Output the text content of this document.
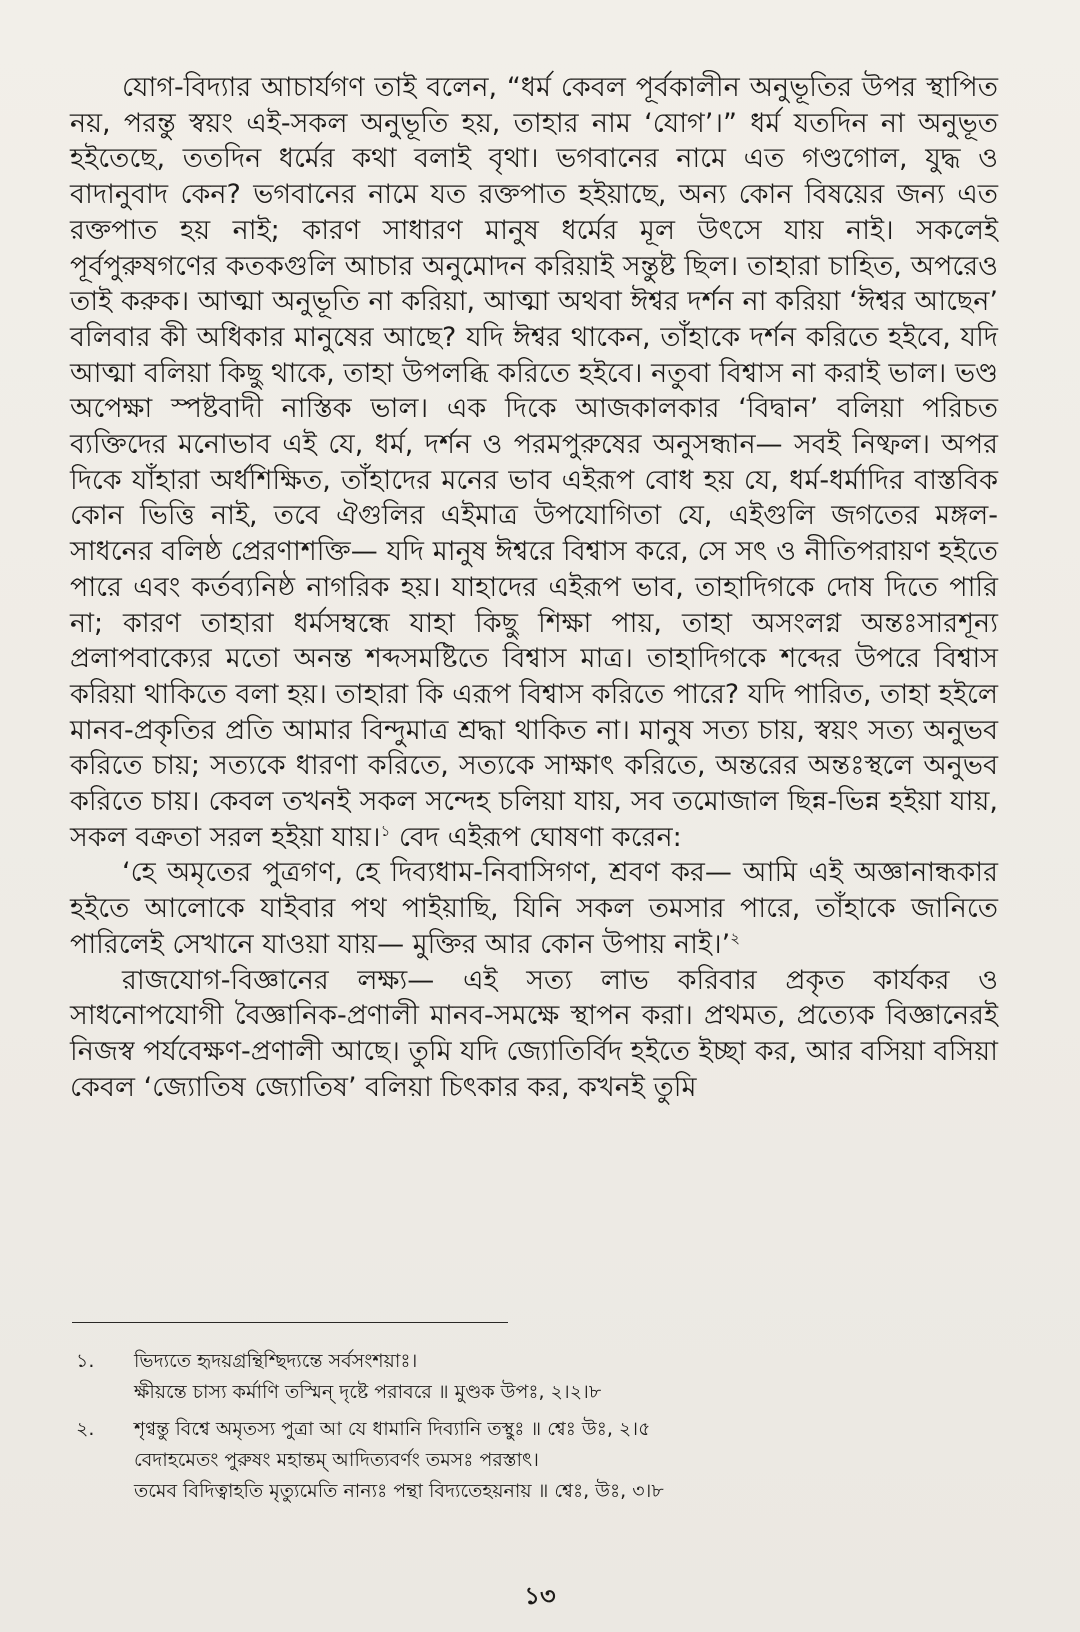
যোগ-বিদ্যার আচার্যগণ তাই বলেন, “ধর্ম কেবল পূর্বকালীন অনুভূতির উপর স্থাপিত নয়, পরন্তু স্বয়ং এই-সকল অনুভূতি হয়, তাহার নাম ‘যোগ’।” ধর্ম যতদিন না অনুভূত হইতেছে, ততদিন ধর্মের কথা বলাই বৃথা। ভগবানের নামে এত গণ্ডগোল, যুদ্ধ ও বাদানুবাদ কেন? ভগবানের নামে যত রক্তপাত হইয়াছে, অন্য কোন বিষয়ের জন্য এত রক্তপাত হয় নাই; কারণ সাধারণ মানুষ ধর্মের মূল উৎসে যায় নাই। সকলেই পূর্বপুরুষগণের কতকগুলি আচার অনুমোদন করিয়াই সন্তুষ্ট ছিল। তাহারা চাহিত, অপরেও তাই করুক। আত্মা অনুভূতি না করিয়া, আত্মা অথবা ঈশ্বর দর্শন না করিয়া ‘ঈশ্বর আছেন’ বলিবার কী অধিকার মানুষের আছে? যদি ঈশ্বর থাকেন, তাঁহাকে দর্শন করিতে হইবে, যদি আত্মা বলিয়া কিছু থাকে, তাহা উপলব্ধি করিতে হইবে। নতুবা বিশ্বাস না করাই ভাল। ভণ্ড অপেক্ষা স্পষ্টবাদী নাস্তিক ভাল। এক দিকে আজকালকার ‘বিদ্বান’ বলিয়া পরিচত ব্যক্তিদের মনোভাব এই যে, ধর্ম, দর্শন ও পরমপুরুষের অনুসন্ধান— সবই নিষ্ফল। অপর দিকে যাঁহারা অর্ধশিক্ষিত, তাঁহাদের মনের ভাব এইরূপ বোধ হয় যে, ধর্ম-ধর্মাদির বাস্তবিক কোন ভিত্তি নাই, তবে ঐগুলির এইমাত্র উপযোগিতা যে, এইগুলি জগতের মঙ্গল-সাধনের বলিষ্ঠ প্রেরণাশক্তি— যদি মানুষ ঈশ্বরে বিশ্বাস করে, সে সৎ ও নীতিপরায়ণ হইতে পারে এবং কর্তব্যনিষ্ঠ নাগরিক হয়। যাহাদের এইরূপ ভাব, তাহাদিগকে দোষ দিতে পারি না; কারণ তাহারা ধর্মসম্বন্ধে যাহা কিছু শিক্ষা পায়, তাহা অসংলগ্ন অন্তঃসারশূন্য প্রলাপবাক্যের মতো অনন্ত শব্দসমষ্টিতে বিশ্বাস মাত্র। তাহাদিগকে শব্দের উপরে বিশ্বাস করিয়া থাকিতে বলা হয়। তাহারা কি এরূপ বিশ্বাস করিতে পারে? যদি পারিত, তাহা হইলে মানব-প্রকৃতির প্রতি আমার বিন্দুমাত্র শ্রদ্ধা থাকিত না। মানুষ সত্য চায়, স্বয়ং সত্য অনুভব করিতে চায়; সত্যকে ধারণা করিতে, সত্যকে সাক্ষাৎ করিতে, অন্তরের অন্তঃস্থলে অনুভব করিতে চায়। কেবল তখনই সকল সন্দেহ চলিয়া যায়, সব তমোজাল ছিন্ন-ভিন্ন হইয়া যায়, সকল বক্রতা সরল হইয়া যায়।$^১$ বেদ এইরূপ ঘোষণা করেন:

‘হে অমৃতের পুত্রগণ, হে দিব্যধাম-নিবাসিগণ, শ্রবণ কর— আমি এই অজ্ঞানান্ধকার হইতে আলোকে যাইবার পথ পাইয়াছি, যিনি সকল তমসার পারে, তাঁহাকে জানিতে পারিলেই সেখানে যাওয়া যায়— মুক্তির আর কোন উপায় নাই।’$^২$

রাজযোগ-বিজ্ঞানের লক্ষ্য— এই সত্য লাভ করিবার প্রকৃত কার্যকর ও সাধনোপযোগী বৈজ্ঞানিক-প্রণালী মানব-সমক্ষে স্থাপন করা। প্রথমত, প্রত্যেক বিজ্ঞানেরই নিজস্ব পর্যবেক্ষণ-প্রণালী আছে। তুমি যদি জ্যোতির্বিদ হইতে ইচ্ছা কর, আর বসিয়া বসিয়া কেবল ‘জ্যোতিষ জ্যোতিষ’ বলিয়া চিৎকার কর, কখনই তুমি

১.	ভিদ্যতে হৃদয়গ্রন্থিশ্ছিদ্যন্তে সর্বসংশয়াঃ।
ক্ষীয়ন্তে চাস্য কর্মাণি তস্মিন্ দৃষ্টে পরাবরে ॥ মুণ্ডক উপঃ, ২।২।৮
২.	শৃণ্বন্তু বিশ্বে অমৃতস্য পুত্রা আ যে ধামানি দিব্যানি তস্থুঃ ॥ শ্বেঃ উঃ, ২।৫
বেদাহমেতং পুরুষং মহান্তম্ আদিত্যবর্ণং তমসঃ পরস্তাৎ।
তমেব বিদিত্বাহতি মৃত্যুমেতি নান্যঃ পন্থা বিদ্যতেহয়নায় ॥ শ্বেঃ, উঃ, ৩।৮
১৩
